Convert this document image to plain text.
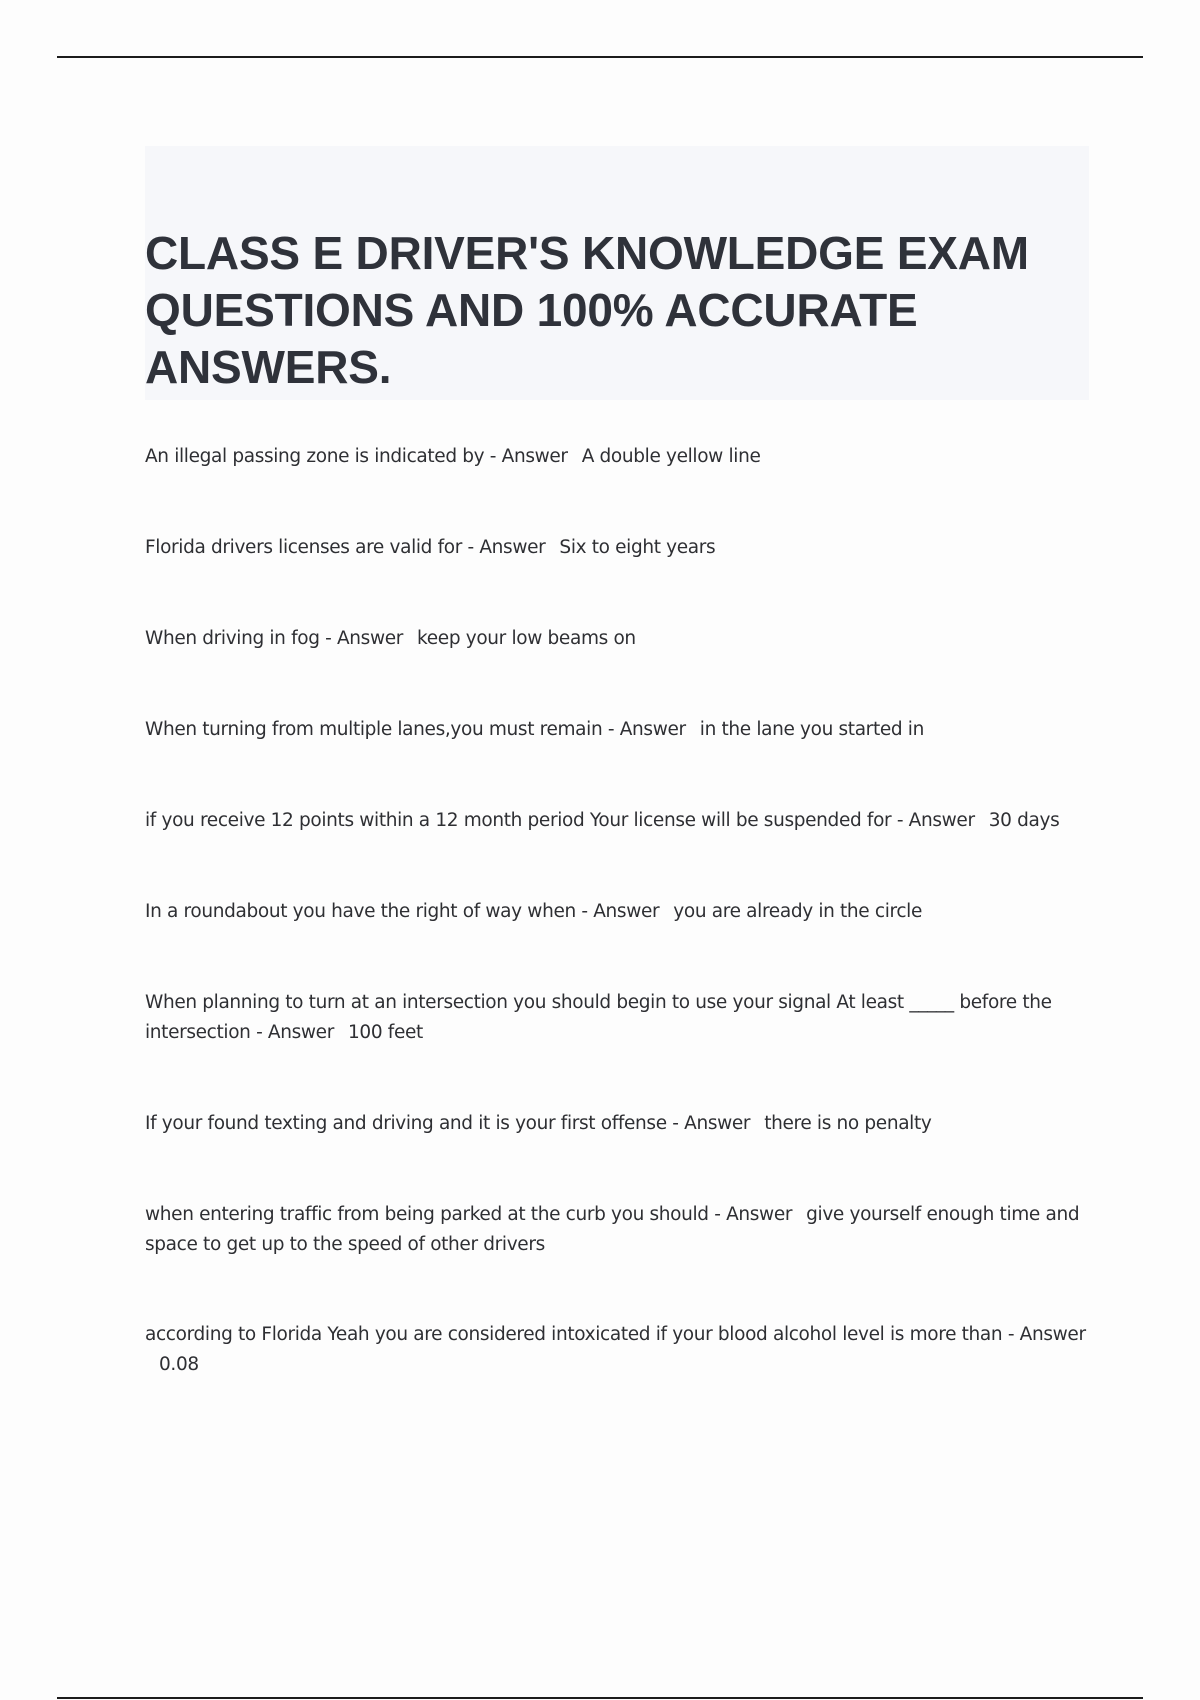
CLASS E DRIVER'S KNOWLEDGE EXAM
QUESTIONS AND 100% ACCURATE
ANSWERS.
An illegal passing zone is indicated by - Answer A double yellow line
Florida drivers licenses are valid for - Answer Six to eight years
When driving in fog - Answer keep your low beams on
When turning from multiple lanes,you must remain - Answer in the lane you started in
if you receive 12 points within a 12 month period Your license will be suspended for - Answer 30 days
In a roundabout you have the right of way when - Answer you are already in the circle
When planning to turn at an intersection you should begin to use your signal At least _____ before the intersection - Answer 100 feet
If your found texting and driving and it is your first offense - Answer there is no penalty
when entering traffic from being parked at the curb you should - Answer give yourself enough time and space to get up to the speed of other drivers
according to Florida Yeah you are considered intoxicated if your blood alcohol level is more than - Answer0.08
